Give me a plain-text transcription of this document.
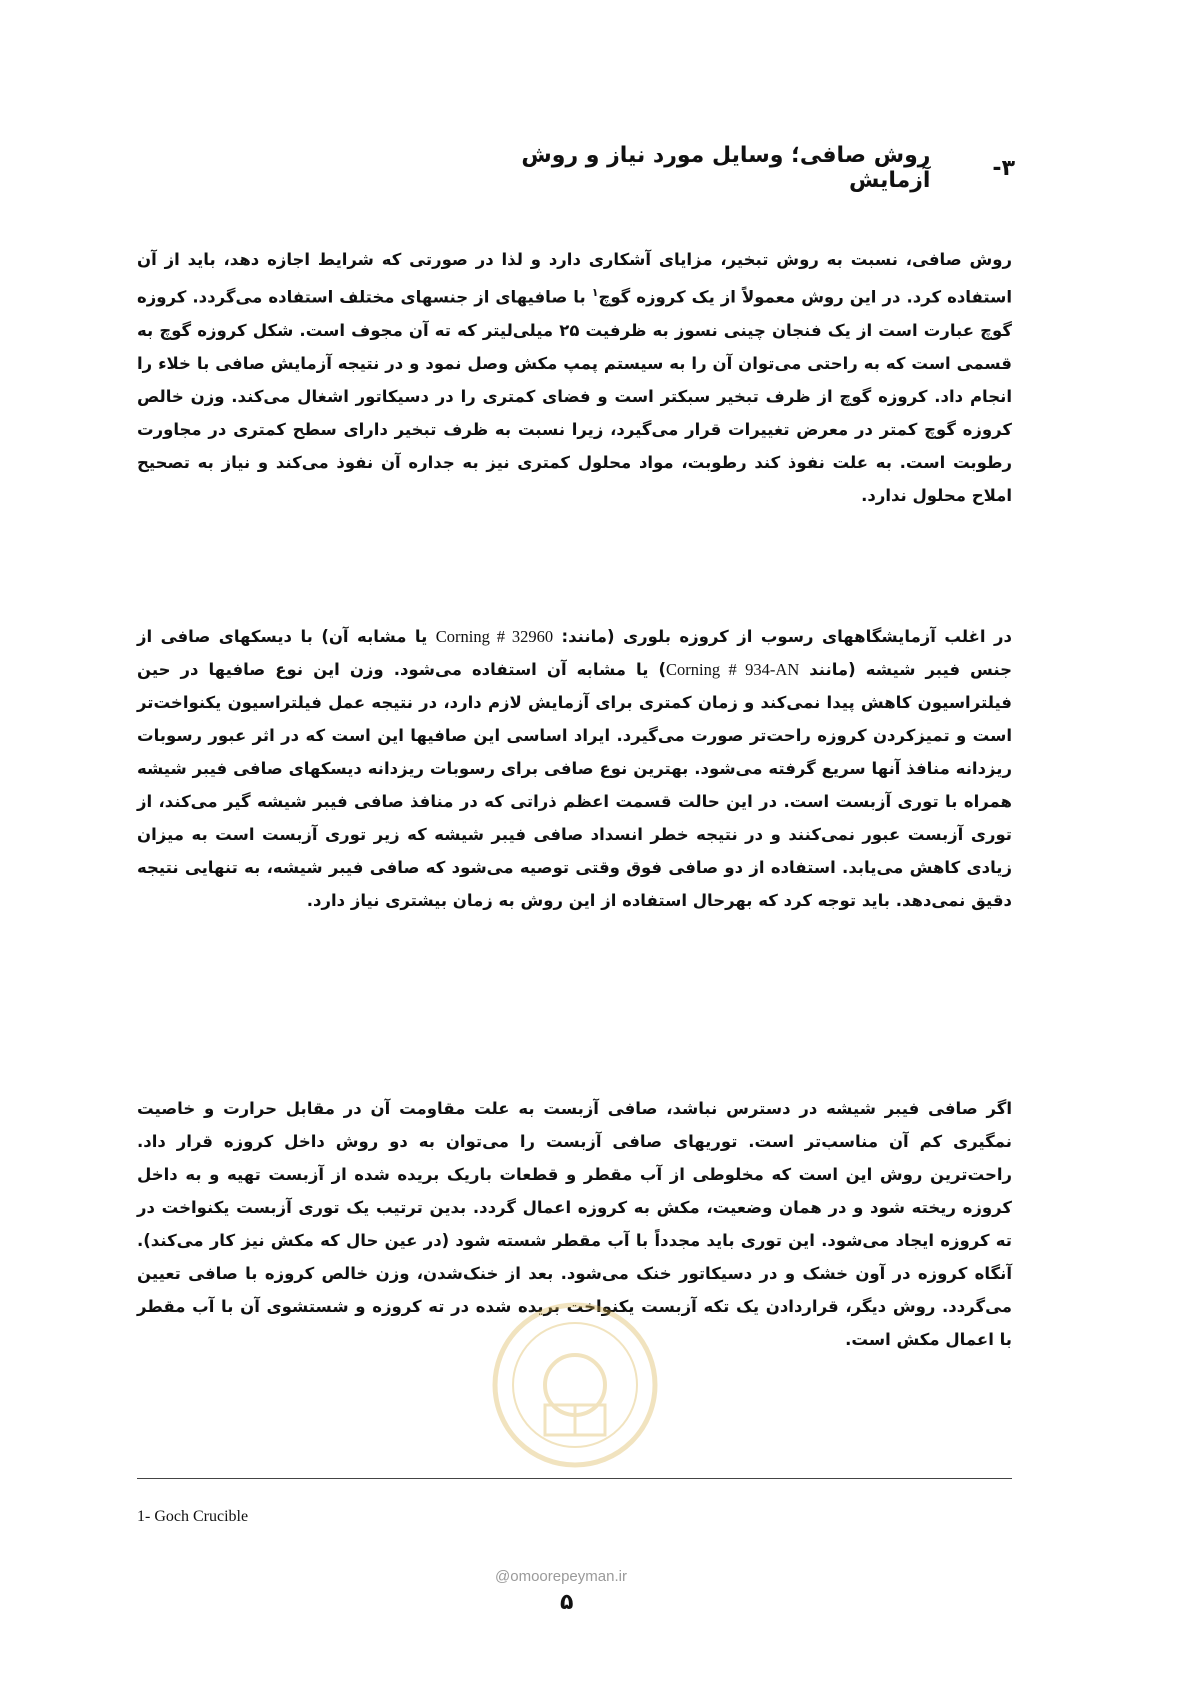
۳-
روش صافی؛ وسایل مورد نیاز و روش آزمایش

روش صافی، نسبت به روش تبخیر، مزایای آشکاری دارد و لذا در صورتی که شرایط اجازه دهد، باید از آن استفاده کرد. در این روش معمولاً از یک کروزه گوچ$^۱$ با صافیهای از جنسهای مختلف استفاده می‌گردد. کروزه گوچ عبارت است از یک فنجان چینی نسوز به ظرفیت ۲۵ میلی‌لیتر که ته آن مجوف است. شکل کروزه گوچ به قسمی است که به راحتی می‌توان آن را به سیستم پمپ مکش وصل نمود و در نتیجه آزمایش صافی با خلاء را انجام داد. کروزه گوچ از ظرف تبخیر سبکتر است و فضای کمتری را در دسیکاتور اشغال می‌کند. وزن خالص کروزه گوچ کمتر در معرض تغییرات قرار می‌گیرد، زیرا نسبت به ظرف تبخیر دارای سطح کمتری در مجاورت رطوبت است. به علت نفوذ کند رطوبت، مواد محلول کمتری نیز به جداره آن نفوذ می‌کند و نیاز به تصحیح املاح محلول ندارد.

در اغلب آزمایشگاههای رسوب از کروزه بلوری (مانند: Corning # 32960 یا مشابه آن) با دیسکهای صافی از جنس فیبر شیشه (مانند Corning # 934-AN) یا مشابه آن استفاده می‌شود. وزن این نوع صافیها در حین فیلتراسیون کاهش پیدا نمی‌کند و زمان کمتری برای آزمایش لازم دارد، در نتیجه عمل فیلتراسیون یکنواخت‌تر است و تمیزکردن کروزه راحت‌تر صورت می‌گیرد. ایراد اساسی این صافیها این است که در اثر عبور رسوبات ریزدانه منافذ آنها سریع گرفته می‌شود. بهترین نوع صافی برای رسوبات ریزدانه دیسکهای صافی فیبر شیشه همراه با توری آزبست است. در این حالت قسمت اعظم ذراتی که در منافذ صافی فیبر شیشه گیر می‌کند، از توری آزبست عبور نمی‌کنند و در نتیجه خطر انسداد صافی فیبر شیشه که زیر توری آزبست است به میزان زیادی کاهش می‌یابد. استفاده از دو صافی فوق وقتی توصیه می‌شود که صافی فیبر شیشه، به تنهایی نتیجه دقیق نمی‌دهد. باید توجه کرد که بهرحال استفاده از این روش به زمان بیشتری نیاز دارد.

اگر صافی فیبر شیشه در دسترس نباشد، صافی آزبست به علت مقاومت آن در مقابل حرارت و خاصیت نمگیری کم آن مناسب‌تر است. توریهای صافی آزبست را می‌توان به دو روش داخل کروزه قرار داد. راحت‌ترین روش این است که مخلوطی از آب مقطر و قطعات باریک بریده شده از آزبست تهیه و به داخل کروزه ریخته شود و در همان وضعیت، مکش به کروزه اعمال گردد. بدین ترتیب یک توری آزبست یکنواخت در ته کروزه ایجاد می‌شود. این توری باید مجدداً با آب مقطر شسته شود (در عین حال که مکش نیز کار می‌کند). آنگاه کروزه در آون خشک و در دسیکاتور خنک می‌شود. بعد از خنک‌شدن، وزن خالص کروزه با صافی تعیین می‌گردد. روش دیگر، قراردادن یک تکه آزبست یکنواخت بریده شده در ته کروزه و شستشوی آن با آب مقطر با اعمال مکش است.

1- Goch Crucible
@omoorepeyman.ir
۵
